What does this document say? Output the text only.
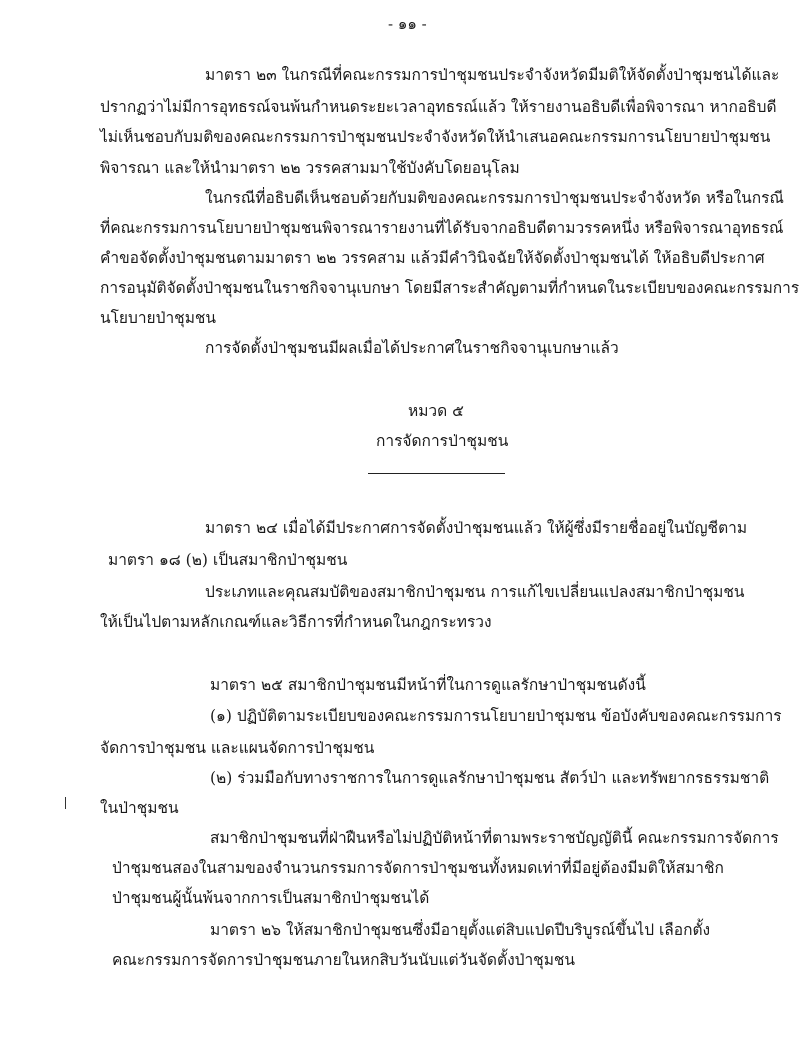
- ๑๑ -
มาตรา ๒๓ ในกรณีที่คณะกรรมการป่าชุมชนประจำจังหวัดมีมติให้จัดตั้งป่าชุมชนได้และ
ปรากฏว่าไม่มีการอุทธรณ์จนพ้นกำหนดระยะเวลาอุทธรณ์แล้ว ให้รายงานอธิบดีเพื่อพิจารณา หากอธิบดี
ไม่เห็นชอบกับมติของคณะกรรมการป่าชุมชนประจำจังหวัดให้นำเสนอคณะกรรมการนโยบายป่าชุมชน
พิจารณา และให้นำมาตรา ๒๒ วรรคสามมาใช้บังคับโดยอนุโลม
ในกรณีที่อธิบดีเห็นชอบด้วยกับมติของคณะกรรมการป่าชุมชนประจำจังหวัด หรือในกรณี
ที่คณะกรรมการนโยบายป่าชุมชนพิจารณารายงานที่ได้รับจากอธิบดีตามวรรคหนึ่ง หรือพิจารณาอุทธรณ์
คำขอจัดตั้งป่าชุมชนตามมาตรา ๒๒ วรรคสาม แล้วมีคำวินิจฉัยให้จัดตั้งป่าชุมชนได้ ให้อธิบดีประกาศ
การอนุมัติจัดตั้งป่าชุมชนในราชกิจจานุเบกษา โดยมีสาระสำคัญตามที่กำหนดในระเบียบของคณะกรรมการ
นโยบายป่าชุมชน
การจัดตั้งป่าชุมชนมีผลเมื่อได้ประกาศในราชกิจจานุเบกษาแล้ว
หมวด ๕
การจัดการป่าชุมชน
มาตรา ๒๔ เมื่อได้มีประกาศการจัดตั้งป่าชุมชนแล้ว ให้ผู้ซึ่งมีรายชื่ออยู่ในบัญชีตาม
มาตรา ๑๘ (๒) เป็นสมาชิกป่าชุมชน
ประเภทและคุณสมบัติของสมาชิกป่าชุมชน การแก้ไขเปลี่ยนแปลงสมาชิกป่าชุมชน
ให้เป็นไปตามหลักเกณฑ์และวิธีการที่กำหนดในกฎกระทรวง
มาตรา ๒๕ สมาชิกป่าชุมชนมีหน้าที่ในการดูแลรักษาป่าชุมชนดังนี้
(๑) ปฏิบัติตามระเบียบของคณะกรรมการนโยบายป่าชุมชน ข้อบังคับของคณะกรรมการ
จัดการป่าชุมชน และแผนจัดการป่าชุมชน
(๒) ร่วมมือกับทางราชการในการดูแลรักษาป่าชุมชน สัตว์ป่า และทรัพยากรธรรมชาติ
ในป่าชุมชน
สมาชิกป่าชุมชนที่ฝ่าฝืนหรือไม่ปฏิบัติหน้าที่ตามพระราชบัญญัตินี้ คณะกรรมการจัดการ
ป่าชุมชนสองในสามของจำนวนกรรมการจัดการป่าชุมชนทั้งหมดเท่าที่มีอยู่ต้องมีมติให้สมาชิก
ป่าชุมชนผู้นั้นพ้นจากการเป็นสมาชิกป่าชุมชนได้
มาตรา ๒๖ ให้สมาชิกป่าชุมชนซึ่งมีอายุตั้งแต่สิบแปดปีบริบูรณ์ขึ้นไป เลือกตั้ง
คณะกรรมการจัดการป่าชุมชนภายในหกสิบวันนับแต่วันจัดตั้งป่าชุมชน
